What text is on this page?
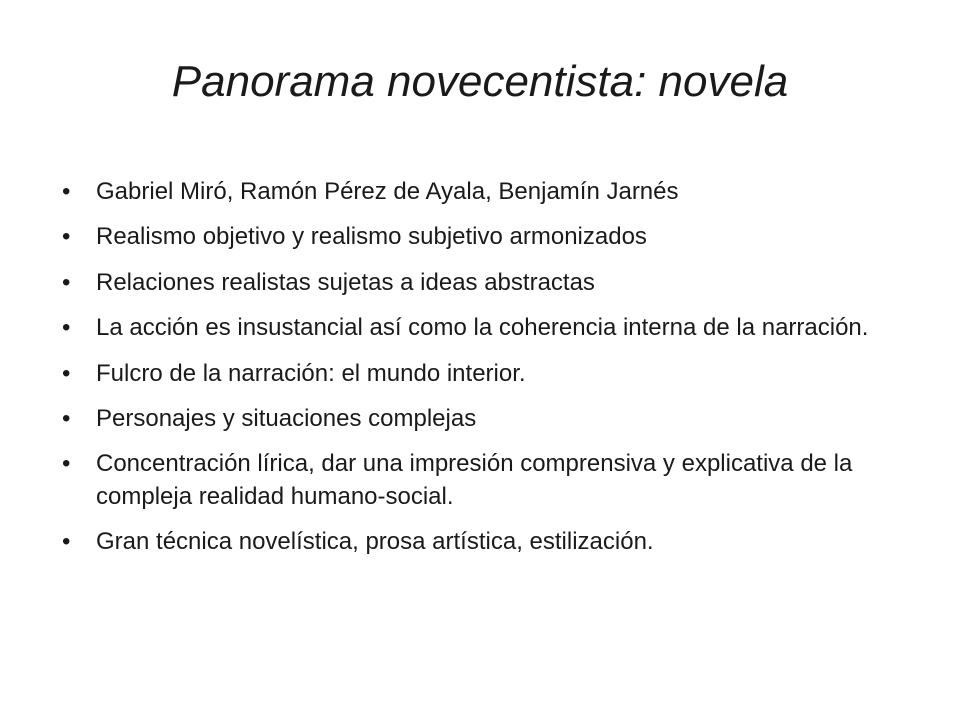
Panorama novecentista: novela
•	Gabriel Miró, Ramón Pérez de Ayala, Benjamín Jarnés
•	Realismo objetivo y realismo subjetivo armonizados
•	Relaciones realistas sujetas a ideas abstractas
•	La acción es insustancial así como la coherencia interna de la narración.
•	Fulcro de la narración: el mundo interior.
•	Personajes y situaciones complejas
•	Concentración lírica, dar una impresión comprensiva y explicativa de la compleja realidad humano-social.
•	Gran técnica novelística, prosa artística, estilización.
